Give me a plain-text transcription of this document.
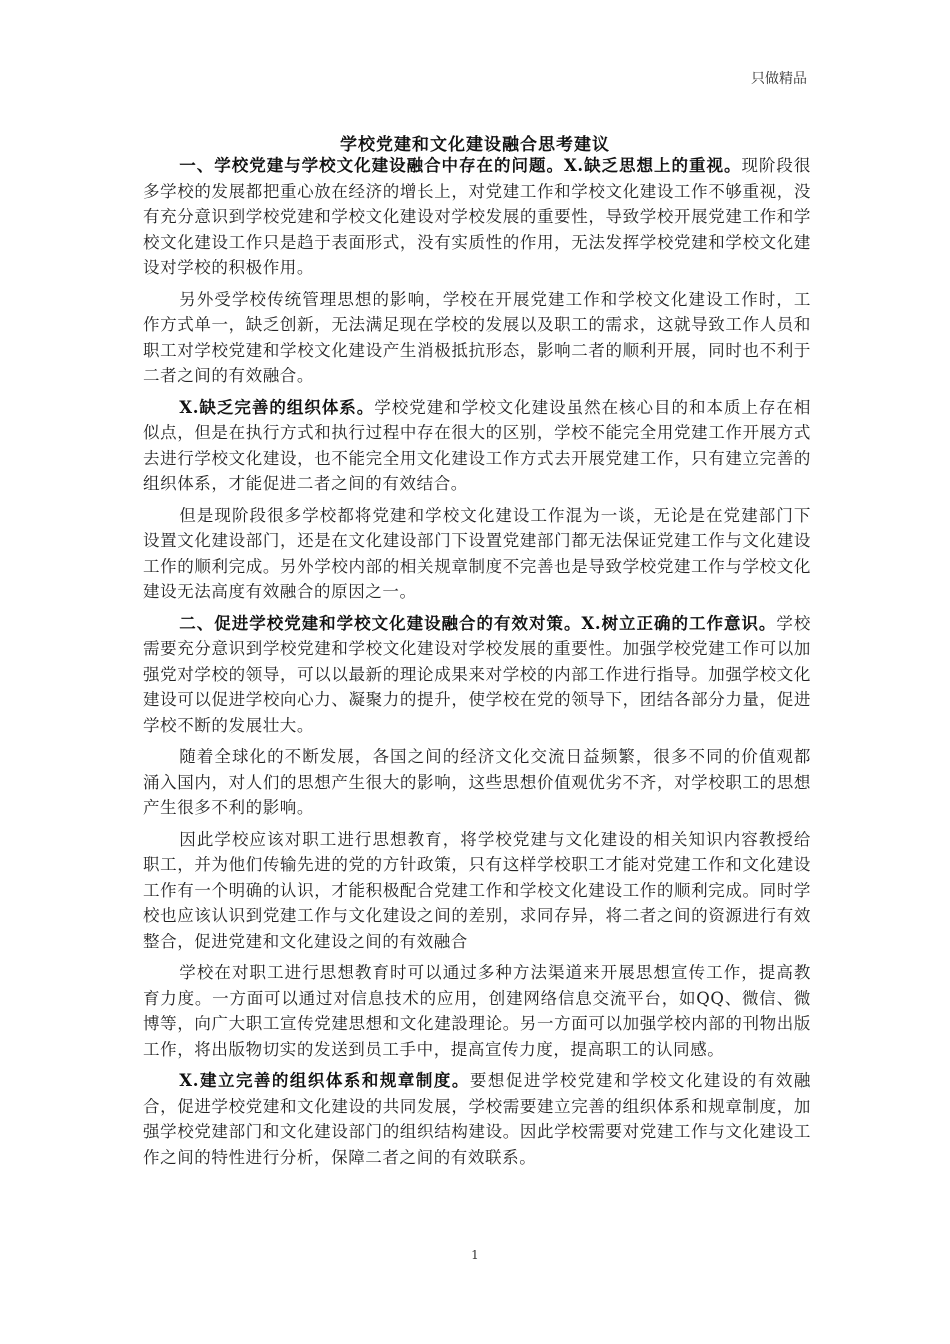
只做精品
学校党建和文化建设融合思考建议

一、学校党建与学校文化建设融合中存在的问题。X.缺乏思想上的重视。现阶段很多学校的发展都把重心放在经济的增长上，对党建工作和学校文化建设工作不够重视，没有充分意识到学校党建和学校文化建设对学校发展的重要性，导致学校开展党建工作和学校文化建设工作只是趋于表面形式，没有实质性的作用，无法发挥学校党建和学校文化建设对学校的积极作用。

另外受学校传统管理思想的影响，学校在开展党建工作和学校文化建设工作时，工作方式单一，缺乏创新，无法满足现在学校的发展以及职工的需求，这就导致工作人员和职工对学校党建和学校文化建设产生消极抵抗形态，影响二者的顺利开展，同时也不利于二者之间的有效融合。

X.缺乏完善的组织体系。学校党建和学校文化建设虽然在核心目的和本质上存在相似点，但是在执行方式和执行过程中存在很大的区别，学校不能完全用党建工作开展方式去进行学校文化建设，也不能完全用文化建设工作方式去开展党建工作，只有建立完善的组织体系，才能促进二者之间的有效结合。

但是现阶段很多学校都将党建和学校文化建设工作混为一谈，无论是在党建部门下设置文化建设部门，还是在文化建设部门下设置党建部门都无法保证党建工作与文化建设工作的顺利完成。另外学校内部的相关规章制度不完善也是导致学校党建工作与学校文化建设无法高度有效融合的原因之一。

二、促进学校党建和学校文化建设融合的有效对策。X.树立正确的工作意识。学校需要充分意识到学校党建和学校文化建设对学校发展的重要性。加强学校党建工作可以加强党对学校的领导，可以以最新的理论成果来对学校的内部工作进行指导。加强学校文化建设可以促进学校向心力、凝聚力的提升，使学校在党的领导下，团结各部分力量，促进学校不断的发展壮大。

随着全球化的不断发展，各国之间的经济文化交流日益频繁，很多不同的价值观都涌入国内，对人们的思想产生很大的影响，这些思想价值观优劣不齐，对学校职工的思想产生很多不利的影响。

因此学校应该对职工进行思想教育，将学校党建与文化建设的相关知识内容教授给职工，并为他们传输先进的党的方针政策，只有这样学校职工才能对党建工作和文化建设工作有一个明确的认识，才能积极配合党建工作和学校文化建设工作的顺利完成。同时学校也应该认识到党建工作与文化建设之间的差别，求同存异，将二者之间的资源进行有效整合，促进党建和文化建设之间的有效融合

学校在对职工进行思想教育时可以通过多种方法渠道来开展思想宣传工作，提高教育力度。一方面可以通过对信息技术的应用，创建网络信息交流平台，如QQ、微信、微博等，向广大职工宣传党建思想和文化建設理论。另一方面可以加强学校内部的刊物出版工作，将出版物切实的发送到员工手中，提高宣传力度，提高职工的认同感。

X.建立完善的组织体系和规章制度。要想促进学校党建和学校文化建设的有效融合，促进学校党建和文化建设的共同发展，学校需要建立完善的组织体系和规章制度，加强学校党建部门和文化建设部门的组织结构建设。因此学校需要对党建工作与文化建设工作之间的特性进行分析，保障二者之间的有效联系。

1
